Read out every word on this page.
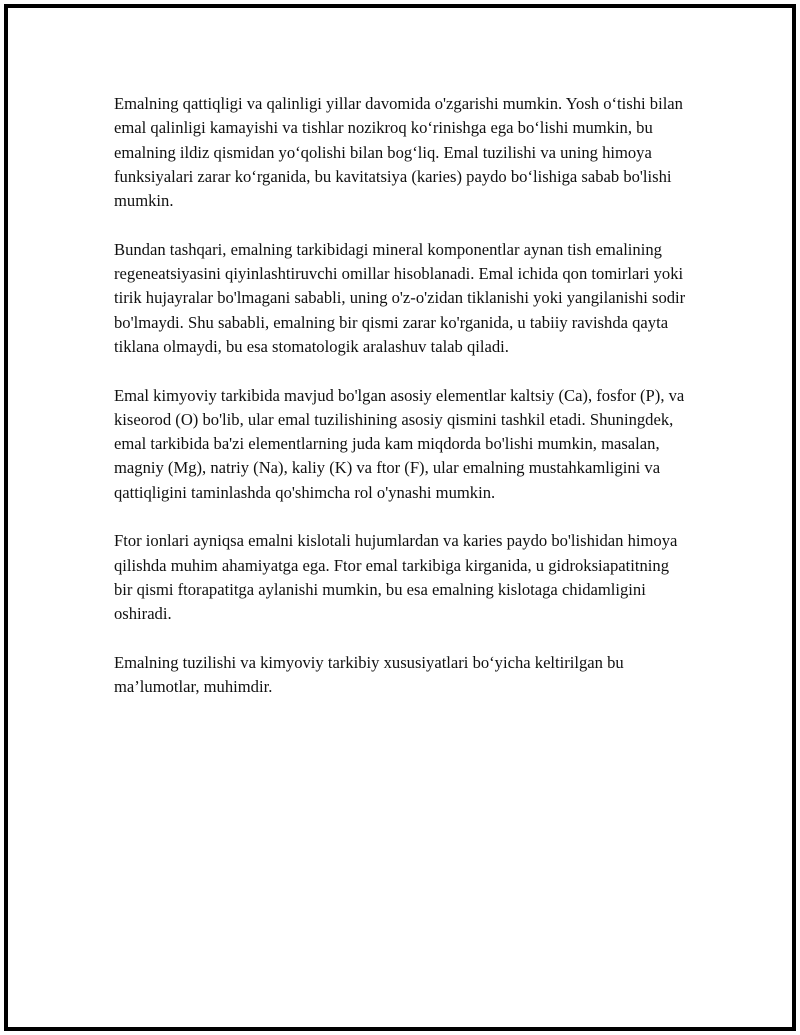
Emalning qattiqligi va qalinligi yillar davomida o'zgarishi mumkin. Yosh o‘tishi bilan emal qalinligi kamayishi va tishlar nozikroq ko‘rinishga ega bo‘lishi mumkin, bu emalning ildiz qismidan yo‘qolishi bilan bog‘liq. Emal tuzilishi va uning himoya funksiyalari zarar ko‘rganida, bu kavitatsiya (karies) paydo bo‘lishiga sabab bo'lishi mumkin.

Bundan tashqari, emalning tarkibidagi mineral komponentlar aynan tish emalining regeneatsiyasini qiyinlashtiruvchi omillar hisoblanadi. Emal ichida qon tomirlari yoki tirik hujayralar bo'lmagani sababli, uning o'z-o'zidan tiklanishi yoki yangilanishi sodir bo'lmaydi. Shu sababli, emalning bir qismi zarar ko'rganida, u tabiiy ravishda qayta tiklana olmaydi, bu esa stomatologik aralashuv talab qiladi.

Emal kimyoviy tarkibida mavjud bo'lgan asosiy elementlar kaltsiy (Ca), fosfor (P), va kiseorod (O) bo'lib, ular emal tuzilishining asosiy qismini tashkil etadi. Shuningdek, emal tarkibida ba'zi elementlarning juda kam miqdorda bo'lishi mumkin, masalan, magniy (Mg), natriy (Na), kaliy (K) va ftor (F), ular emalning mustahkamligini va qattiqligini taminlashda qo'shimcha rol o'ynashi mumkin.

Ftor ionlari ayniqsa emalni kislotali hujumlardan va karies paydo bo'lishidan himoya qilishda muhim ahamiyatga ega. Ftor emal tarkibiga kirganida, u gidroksiapatitning bir qismi ftorapatitga aylanishi mumkin, bu esa emalning kislotaga chidamligini oshiradi.

Emalning tuzilishi va kimyoviy tarkibiy xususiyatlari bo‘yicha keltirilgan bu ma’lumotlar, muhimdir.
